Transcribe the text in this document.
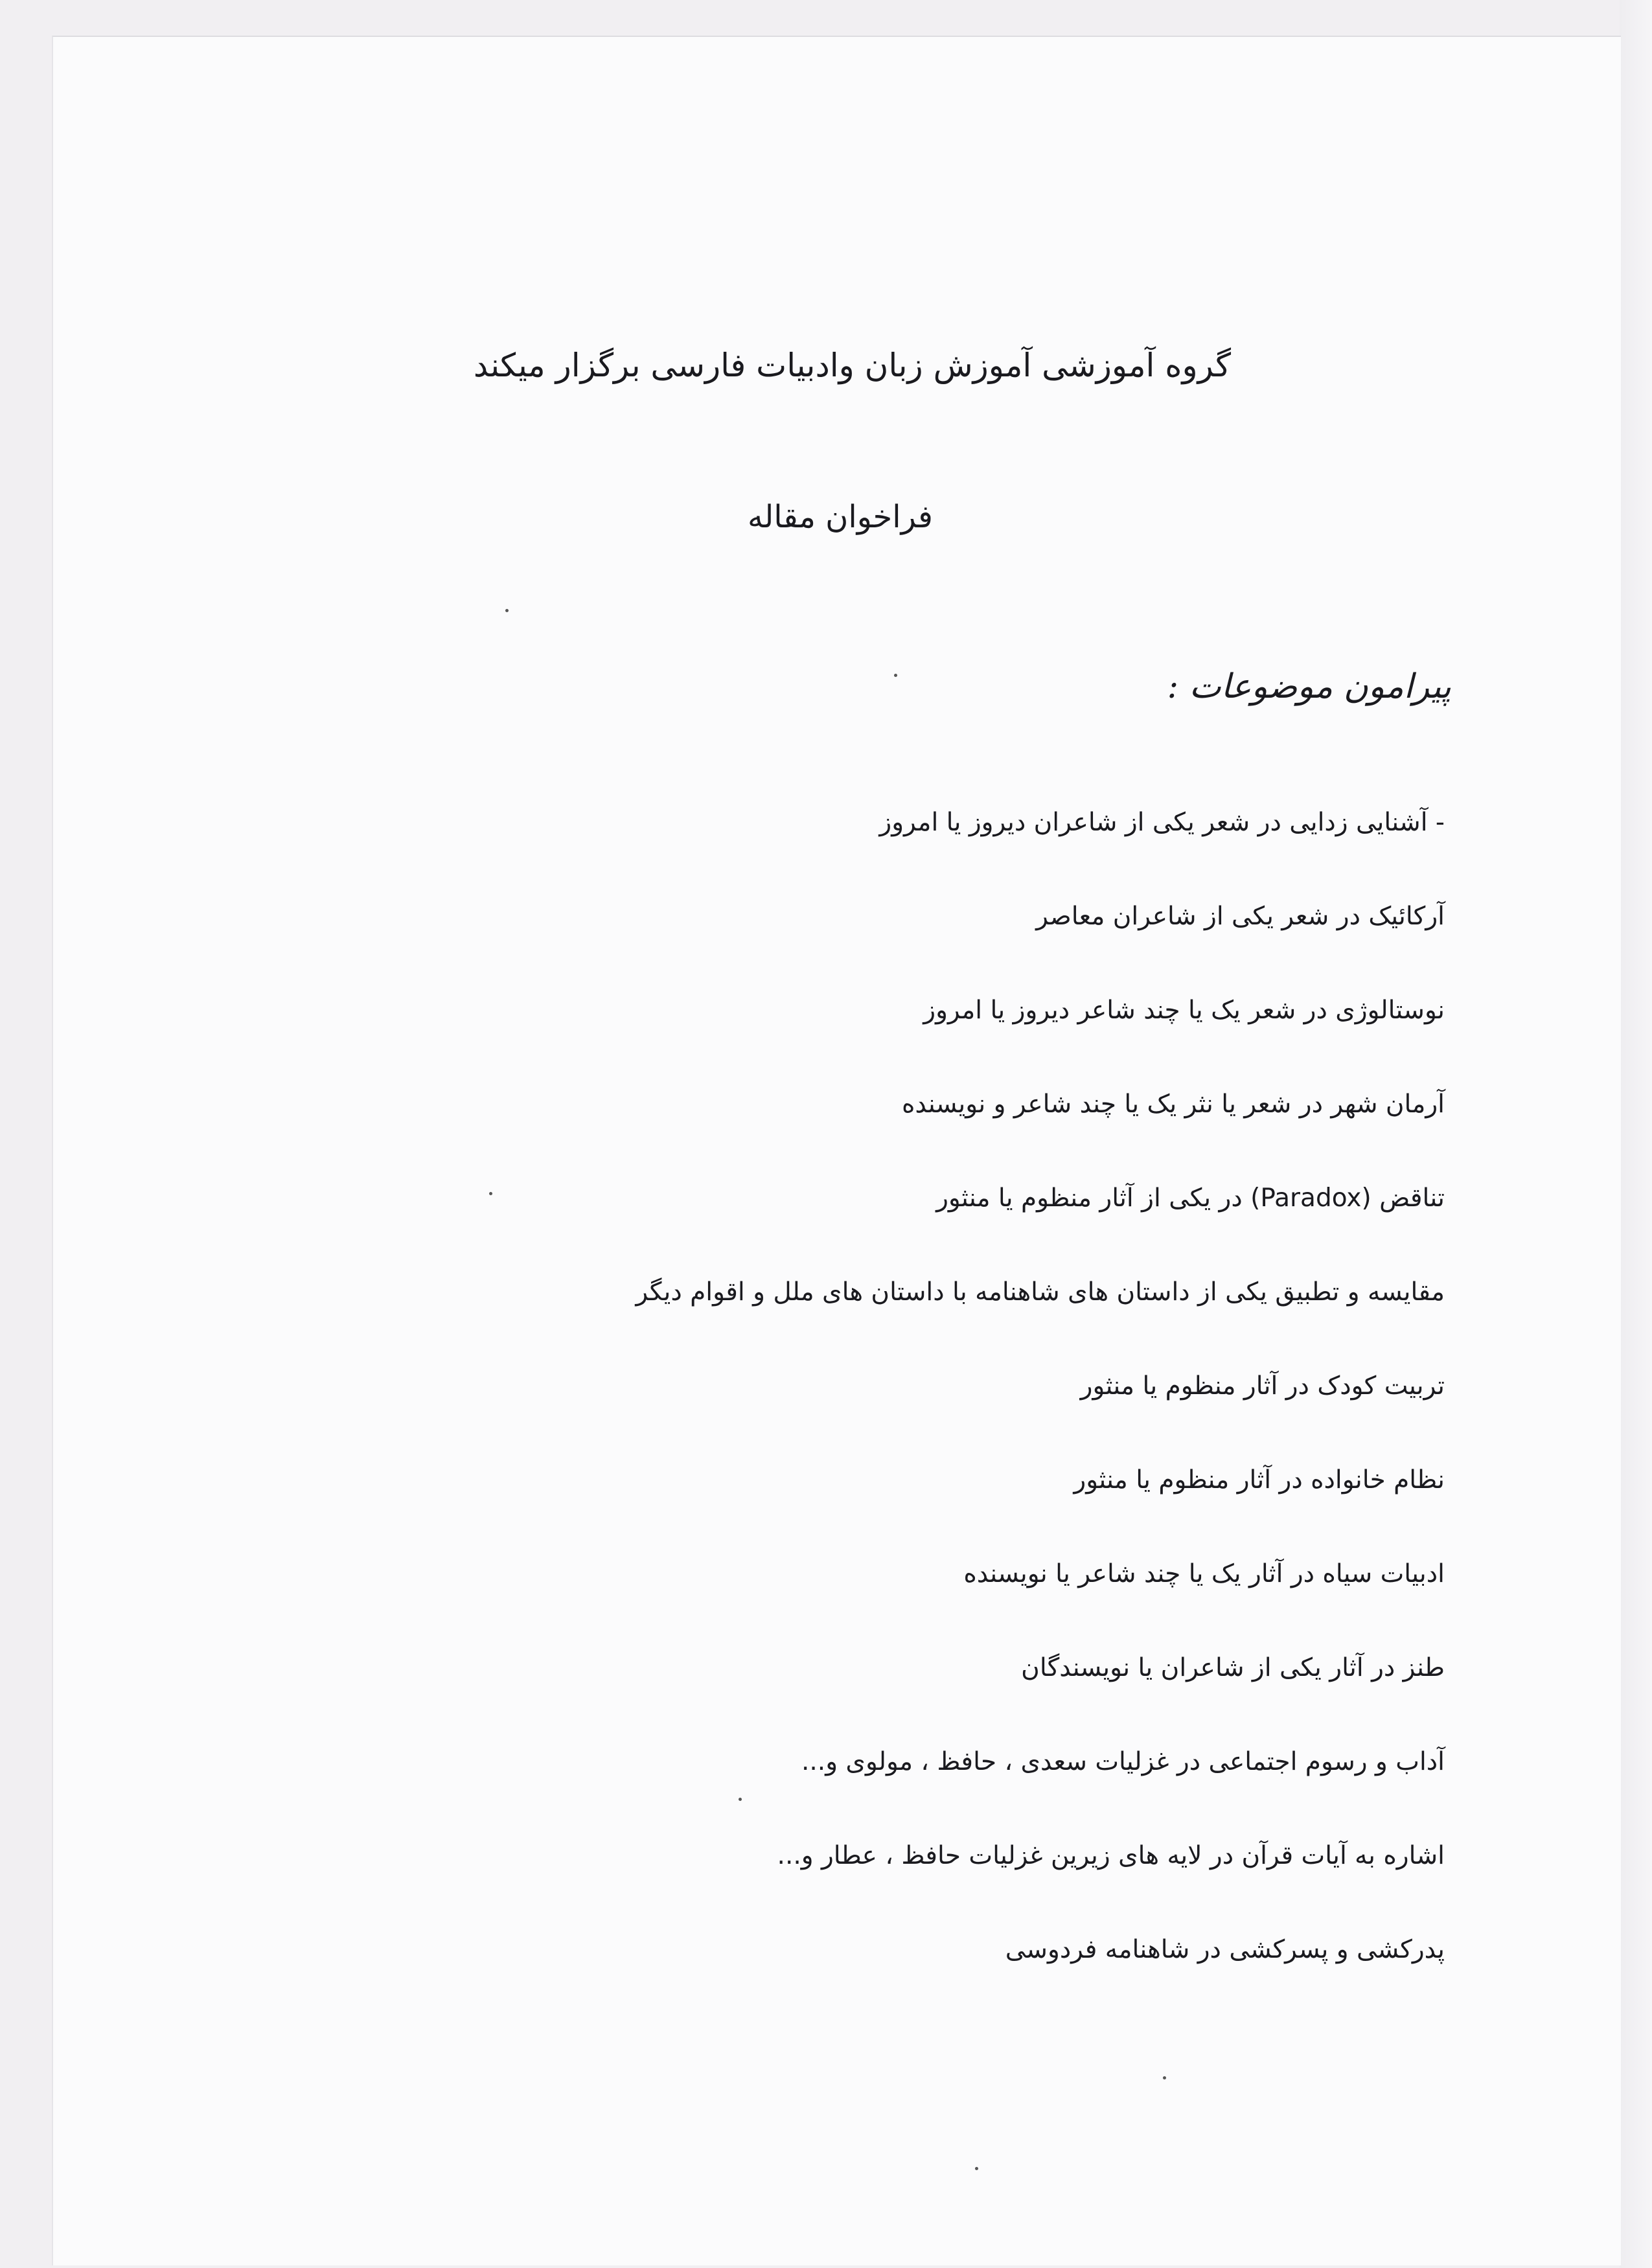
گروه آموزشی آموزش زبان وادبیات فارسی برگزار میکند
فراخوان مقاله
پیرامون موضوعات :
- آشنایی زدایی در شعر یکی از شاعران دیروز یا امروز
آرکائیک در شعر یکی از شاعران معاصر
نوستالوژی در شعر یک یا چند شاعر دیروز یا امروز
آرمان شهر در شعر یا نثر یک یا چند شاعر و نویسنده
تناقض (Paradox) در یکی از آثار منظوم یا منثور
مقایسه و تطبیق یکی از داستان های شاهنامه با داستان های ملل و اقوام دیگر
تربیت کودک در آثار منظوم یا منثور
نظام خانواده در آثار منظوم یا منثور
ادبیات سیاه در آثار یک یا چند شاعر یا نویسنده
طنز در آثار یکی از شاعران یا نویسندگان
آداب و رسوم اجتماعی در غزلیات سعدی ، حافظ ، مولوی و...
اشاره به آیات قرآن در لایه های زیرین غزلیات حافظ ، عطار و...
پدرکشی و پسرکشی در شاهنامه فردوسی
